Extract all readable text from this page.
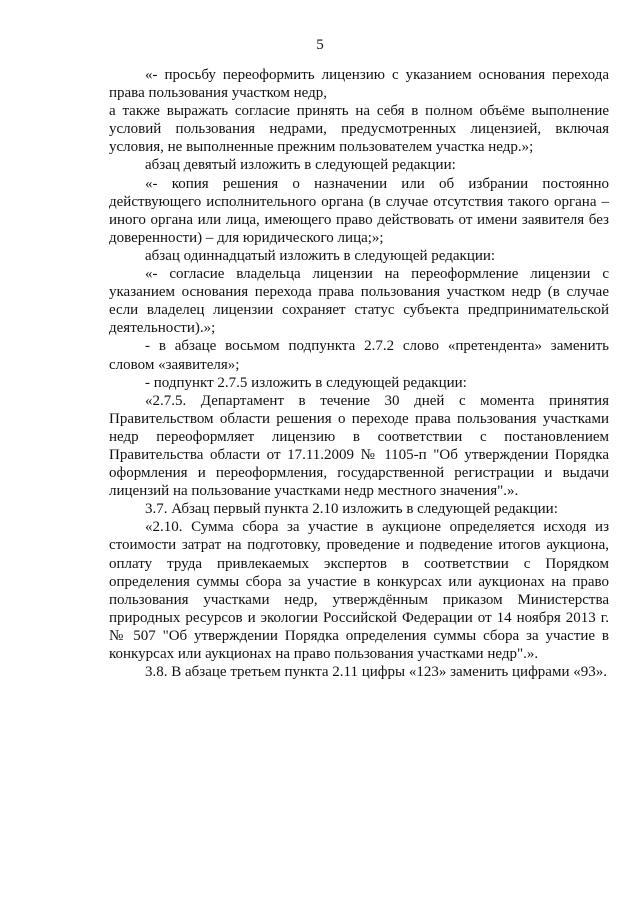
5

«- просьбу переоформить лицензию с указанием основания перехода права пользования участком недр,

а также выражать согласие принять на себя в полном объёме выполнение условий пользования недрами, предусмотренных лицензией, включая условия, не выполненные прежним пользователем участка недр.»;

абзац девятый изложить в следующей редакции:

«- копия решения о назначении или об избрании постоянно действующего исполнительного органа (в случае отсутствия такого органа – иного органа или лица, имеющего право действовать от имени заявителя без доверенности) – для юридического лица;»;

абзац одиннадцатый изложить в следующей редакции:

«- согласие владельца лицензии на переоформление лицензии с указанием основания перехода права пользования участком недр (в случае если владелец лицензии сохраняет статус субъекта предпринимательской деятельности).»;

- в абзаце восьмом подпункта 2.7.2 слово «претендента» заменить словом «заявителя»;

- подпункт 2.7.5 изложить в следующей редакции:

«2.7.5. Департамент в течение 30 дней с момента принятия Правительством области решения о переходе права пользования участками недр переоформляет лицензию в соответствии с постановлением Правительства области от 17.11.2009 № 1105-п "Об утверждении Порядка оформления и переоформления, государственной регистрации и выдачи лицензий на пользование участками недр местного значения".».

3.7. Абзац первый пункта 2.10 изложить в следующей редакции:

«2.10. Сумма сбора за участие в аукционе определяется исходя из стоимости затрат на подготовку, проведение и подведение итогов аукциона, оплату труда привлекаемых экспертов в соответствии с Порядком определения суммы сбора за участие в конкурсах или аукционах на право пользования участками недр, утверждённым приказом Министерства природных ресурсов и экологии Российской Федерации от 14 ноября 2013 г. № 507 "Об утверждении Порядка определения суммы сбора за участие в конкурсах или аукционах на право пользования участками недр".».

3.8. В абзаце третьем пункта 2.11 цифры «123» заменить цифрами «93».
